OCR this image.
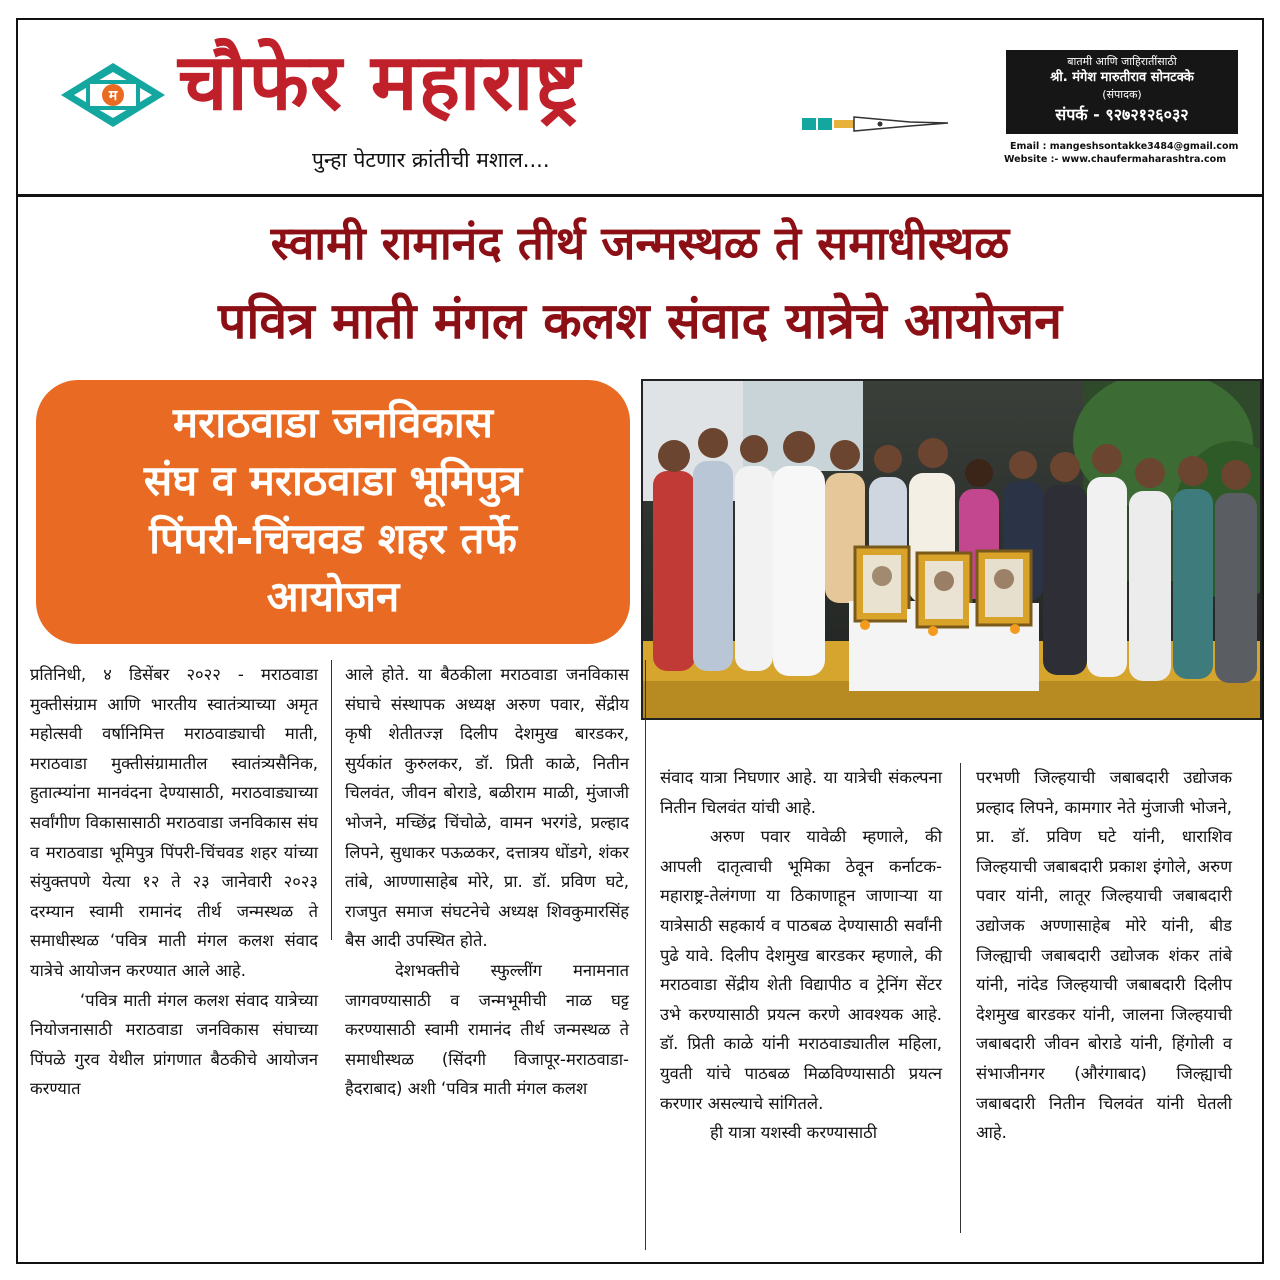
म चौफेर महाराष्ट्र
पुन्हा पेटणार क्रांतीची मशाल....
बातमी आणि जाहिरातींसाठी
श्री. मंगेश मारुतीराव सोनटक्के
(संपादक)
संपर्क - ९२७२१२६०३२
Email : mangeshsontakke3484@gmail.com
Website :- www.chaufermaharashtra.com
स्वामी रामानंद तीर्थ जन्मस्थळ ते समाधीस्थळ
पवित्र माती मंगल कलश संवाद यात्रेचे आयोजन
मराठवाडा जनविकास
संघ व मराठवाडा भूमिपुत्र
पिंपरी-चिंचवड शहर तर्फे
आयोजन

प्रतिनिधी, ४ डिसेंबर २०२२ - मराठवाडा मुक्तीसंग्राम आणि भारतीय स्वातंत्र्याच्या अमृत महोत्सवी वर्षानिमित्त मराठवाड्याची माती, मराठवाडा मुक्तीसंग्रामातील स्वातंत्र्यसैनिक, हुतात्म्यांना मानवंदना देण्यासाठी, मराठवाड्याच्या सर्वांगीण विकासासाठी मराठवाडा जनविकास संघ व मराठवाडा भूमिपुत्र पिंपरी-चिंचवड शहर यांच्या संयुक्तपणे येत्या १२ ते २३ जानेवारी २०२३ दरम्यान स्वामी रामानंद तीर्थ जन्मस्थळ ते समाधीस्थळ ‘पवित्र माती मंगल कलश संवाद यात्रेचे आयोजन करण्यात आले आहे.

‘पवित्र माती मंगल कलश संवाद यात्रेच्या नियोजनासाठी मराठवाडा जनविकास संघाच्या पिंपळे गुरव येथील प्रांगणात बैठकीचे आयोजन करण्यात

आले होते. या बैठकीला मराठवाडा जनविकास संघाचे संस्थापक अध्यक्ष अरुण पवार, सेंद्रीय कृषी शेतीतज्ज्ञ दिलीप देशमुख बारडकर, सुर्यकांत कुरुलकर, डॉ. प्रिती काळे, नितीन चिलवंत, जीवन बोराडे, बळीराम माळी, मुंजाजी भोजने, मच्छिंद्र चिंचोळे, वामन भरगंडे, प्रल्हाद लिपने, सुधाकर पऊळकर, दत्तात्रय धोंडगे, शंकर तांबे, आण्णासाहेब मोरे, प्रा. डॉ. प्रविण घटे, राजपुत समाज संघटनेचे अध्यक्ष शिवकुमारसिंह बैस आदी उपस्थित होते.

देशभक्तीचे स्फुल्लींग मनामनात जागवण्यासाठी व जन्मभूमीची नाळ घट्ट करण्यासाठी स्वामी रामानंद तीर्थ जन्मस्थळ ते समाधीस्थळ (सिंदगी विजापूर-मराठवाडा- हैदराबाद) अशी ‘पवित्र माती मंगल कलश

संवाद यात्रा निघणार आहे. या यात्रेची संकल्पना नितीन चिलवंत यांची आहे.

अरुण पवार यावेळी म्हणाले, की आपली दातृत्वाची भूमिका ठेवून कर्नाटक-महाराष्ट्र-तेलंगणा या ठिकाणाहून जाणाऱ्या या यात्रेसाठी सहकार्य व पाठबळ देण्यासाठी सर्वांनी पुढे यावे. दिलीप देशमुख बारडकर म्हणाले, की मराठवाडा सेंद्रीय शेती विद्यापीठ व ट्रेनिंग सेंटर उभे करण्यासाठी प्रयत्न करणे आवश्यक आहे. डॉ. प्रिती काळे यांनी मराठवाड्यातील महिला, युवती यांचे पाठबळ मिळविण्यासाठी प्रयत्न करणार असल्याचे सांगितले.

ही यात्रा यशस्वी करण्यासाठी

परभणी जिल्हयाची जबाबदारी उद्योजक प्रल्हाद लिपने, कामगार नेते मुंजाजी भोजने, प्रा. डॉ. प्रविण घटे यांनी, धाराशिव जिल्हयाची जबाबदारी प्रकाश इंगोले, अरुण पवार यांनी, लातूर जिल्हयाची जबाबदारी उद्योजक अण्णासाहेब मोरे यांनी, बीड जिल्ह्याची जबाबदारी उद्योजक शंकर तांबे यांनी, नांदेड जिल्हयाची जबाबदारी दिलीप देशमुख बारडकर यांनी, जालना जिल्हयाची जबाबदारी जीवन बोराडे यांनी, हिंगोली व संभाजीनगर (औरंगाबाद) जिल्ह्याची जबाबदारी नितीन चिलवंत यांनी घेतली आहे.
